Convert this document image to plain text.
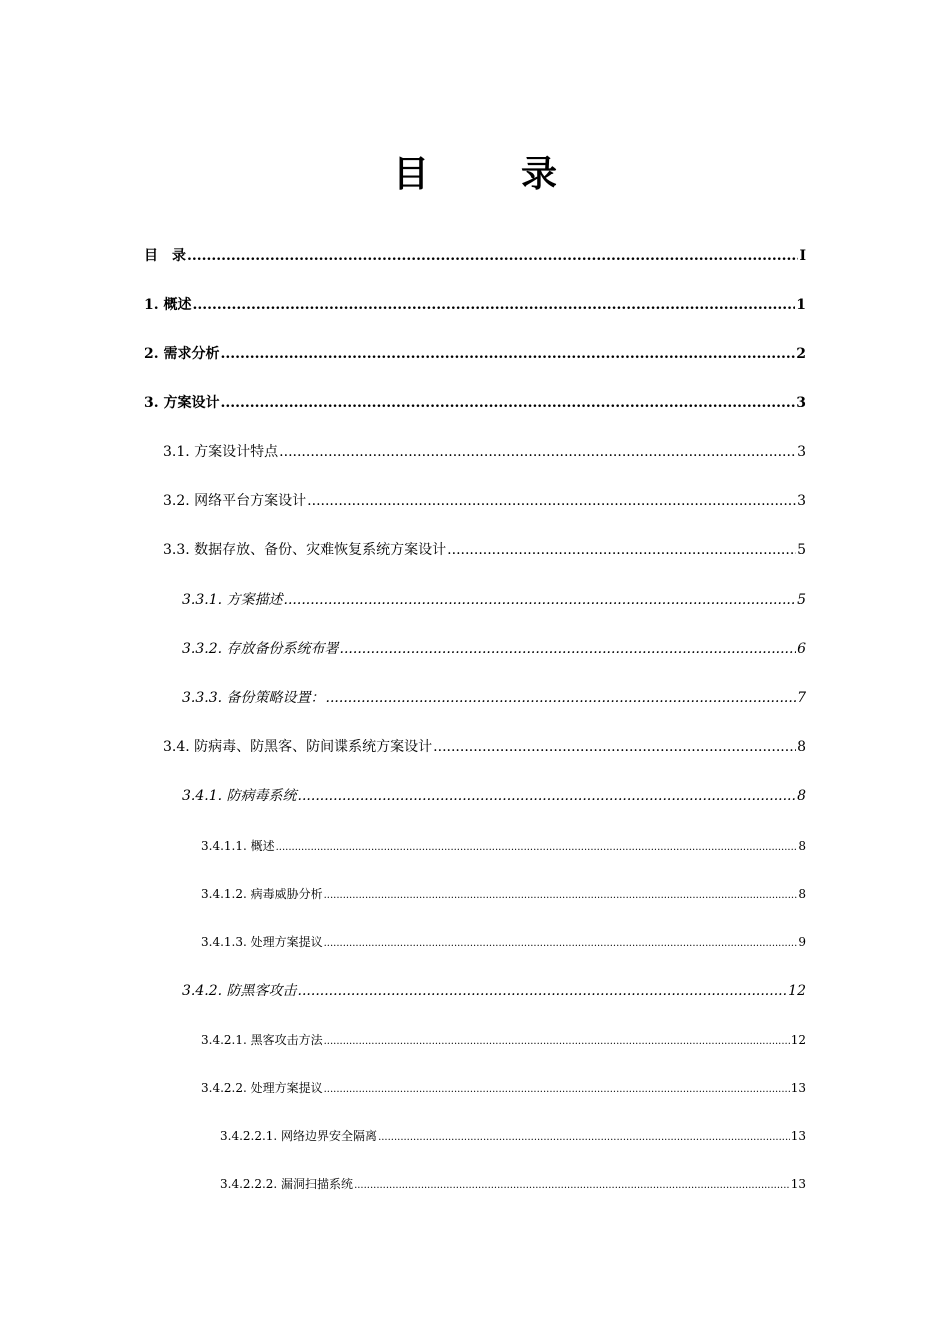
目　录
目　录 .....	I
1. 概述 .....	1
2. 需求分析 .....	2
3. 方案设计 .....	3
3.1. 方案设计特点 .....	3
3.2. 网络平台方案设计 .....	3
3.3. 数据存放、备份、灾难恢复系统方案设计 .....	5
3.3.1. 方案描述 .....	5
3.3.2. 存放备份系统布署 .....	6
3.3.3. 备份策略设置： .....	7
3.4. 防病毒、防黑客、防间谍系统方案设计 .....	8
3.4.1. 防病毒系统 .....	8
3.4.1.1. 概述 .....	8
3.4.1.2. 病毒威胁分析 .....	8
3.4.1.3. 处理方案提议 .....	9
3.4.2. 防黑客攻击 .....	12
3.4.2.1. 黑客攻击方法 .....	12
3.4.2.2. 处理方案提议 .....	13
3.4.2.2.1. 网络边界安全隔离 .....	13
3.4.2.2.2. 漏洞扫描系统 .....	13
